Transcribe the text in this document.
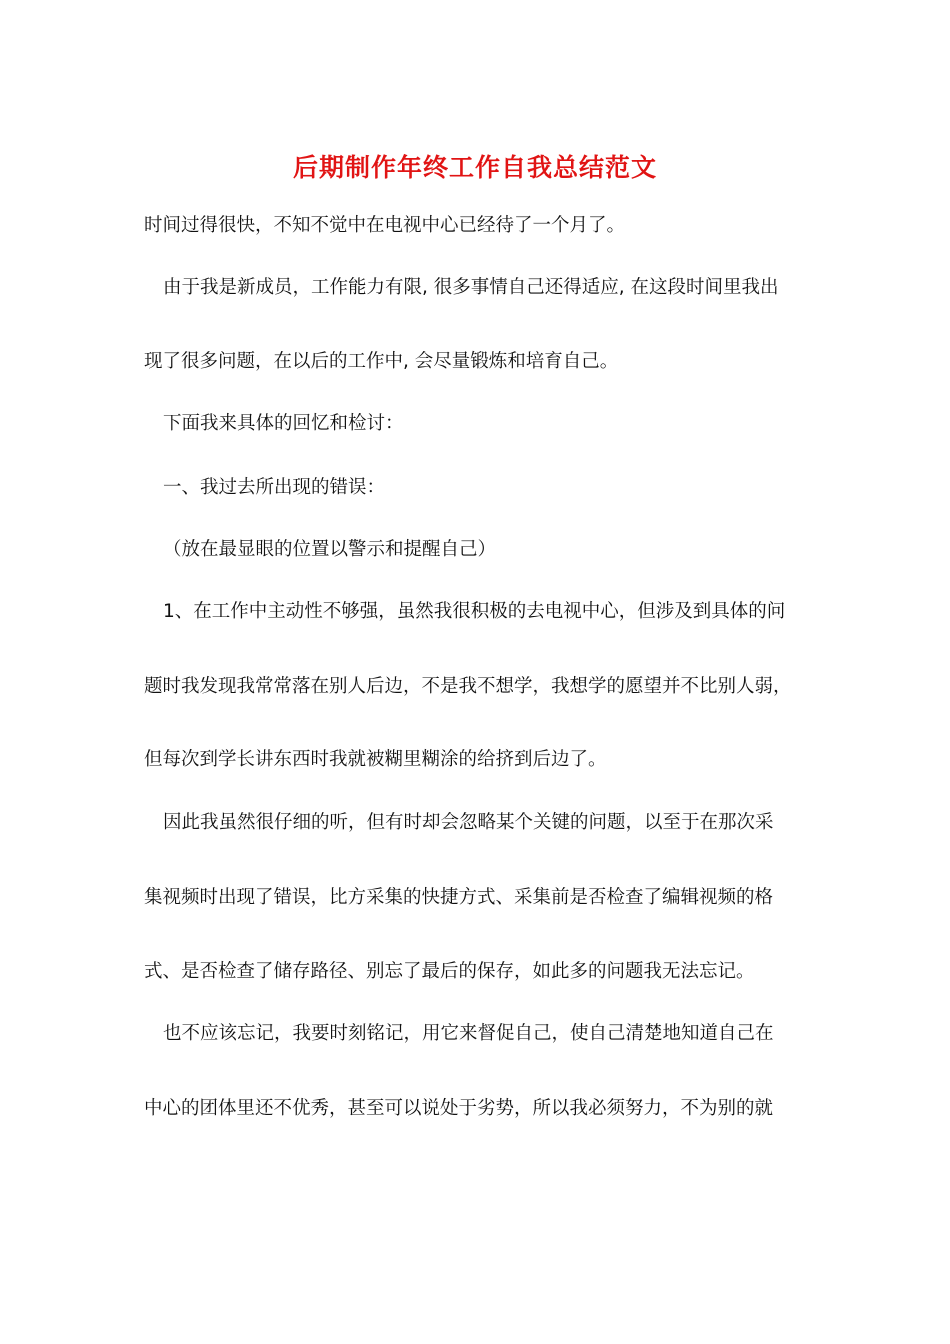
后期制作年终工作自我总结范文
时间过得很快，不知不觉中在电视中心已经待了一个月了。
由于我是新成员，工作能力有限, 很多事情自己还得适应, 在这段时间里我出
现了很多问题，在以后的工作中, 会尽量锻炼和培育自己。
下面我来具体的回忆和检讨：
一、我过去所出现的错误：
（放在最显眼的位置以警示和提醒自己）
1、在工作中主动性不够强，虽然我很积极的去电视中心，但涉及到具体的问
题时我发现我常常落在别人后边，不是我不想学，我想学的愿望并不比别人弱，
但每次到学长讲东西时我就被糊里糊涂的给挤到后边了。
因此我虽然很仔细的听，但有时却会忽略某个关键的问题，以至于在那次采
集视频时出现了错误，比方采集的快捷方式、采集前是否检查了编辑视频的格
式、是否检查了储存路径、别忘了最后的保存，如此多的问题我无法忘记。
也不应该忘记，我要时刻铭记，用它来督促自己，使自己清楚地知道自己在
中心的团体里还不优秀，甚至可以说处于劣势，所以我必须努力，不为别的就
